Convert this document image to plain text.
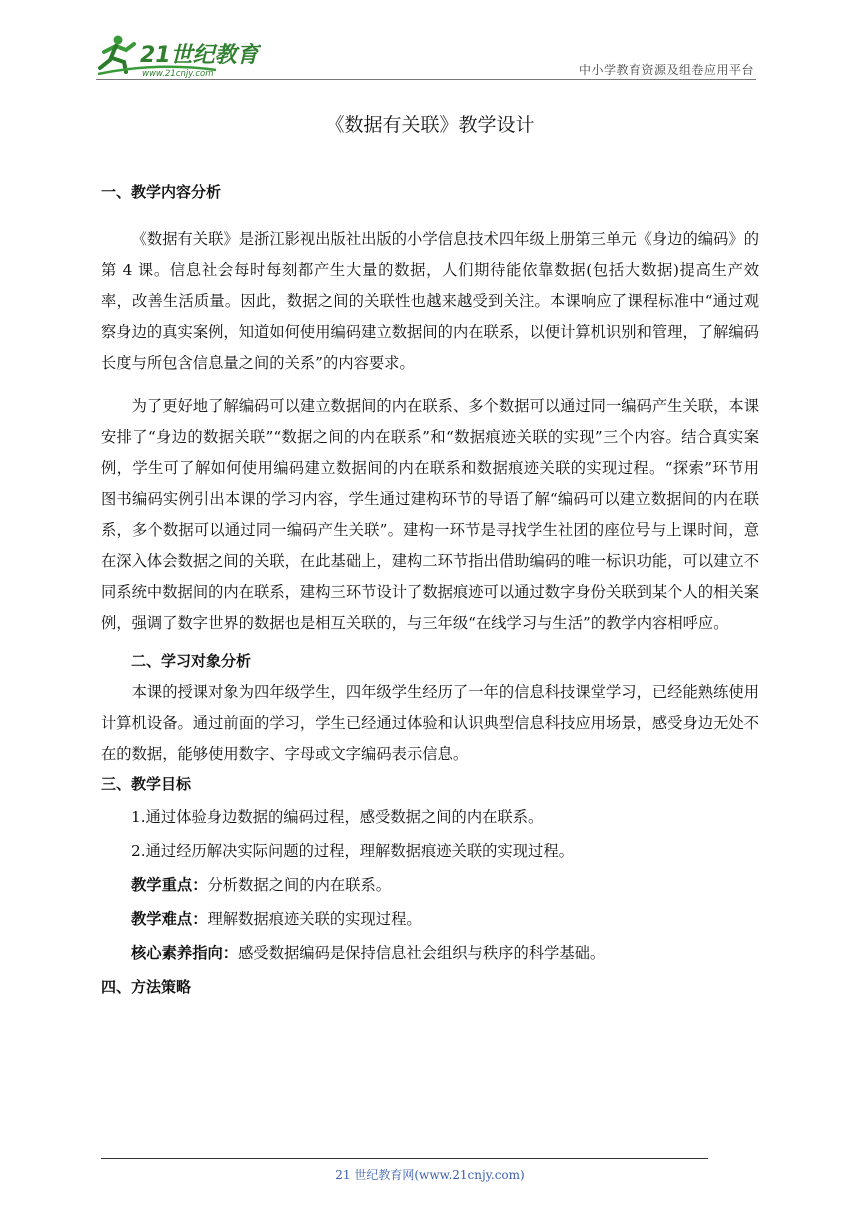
21世纪教育
www.21cnjy.com	中小学教育资源及组卷应用平台
《数据有关联》教学设计
一、教学内容分析

《数据有关联》是浙江影视出版社出版的小学信息技术四年级上册第三单元《身边的编码》的第 4 课。信息社会每时每刻都产生大量的数据，人们期待能依靠数据(包括大数据)提高生产效率，改善生活质量。因此，数据之间的关联性也越来越受到关注。本课响应了课程标准中“通过观察身边的真实案例，知道如何使用编码建立数据间的内在联系，以便计算机识别和管理，了解编码长度与所包含信息量之间的关系”的内容要求。

为了更好地了解编码可以建立数据间的内在联系、多个数据可以通过同一编码产生关联，本课安排了“身边的数据关联”“数据之间的内在联系”和“数据痕迹关联的实现”三个内容。结合真实案例，学生可了解如何使用编码建立数据间的内在联系和数据痕迹关联的实现过程。“探索”环节用图书编码实例引出本课的学习内容，学生通过建构环节的导语了解“编码可以建立数据间的内在联系，多个数据可以通过同一编码产生关联”。建构一环节是寻找学生社团的座位号与上课时间，意在深入体会数据之间的关联，在此基础上，建构二环节指出借助编码的唯一标识功能，可以建立不同系统中数据间的内在联系，建构三环节设计了数据痕迹可以通过数字身份关联到某个人的相关案例，强调了数字世界的数据也是相互关联的，与三年级“在线学习与生活”的教学内容相呼应。

二、学习对象分析

本课的授课对象为四年级学生，四年级学生经历了一年的信息科技课堂学习，已经能熟练使用计算机设备。通过前面的学习，学生已经通过体验和认识典型信息科技应用场景，感受身边无处不在的数据，能够使用数字、字母或文字编码表示信息。

三、教学目标
1.通过体验身边数据的编码过程，感受数据之间的内在联系。
2.通过经历解决实际问题的过程，理解数据痕迹关联的实现过程。
教学重点：分析数据之间的内在联系。
教学难点：理解数据痕迹关联的实现过程。
核心素养指向：感受数据编码是保持信息社会组织与秩序的科学基础。
四、方法策略
21 世纪教育网(www.21cnjy.com)
